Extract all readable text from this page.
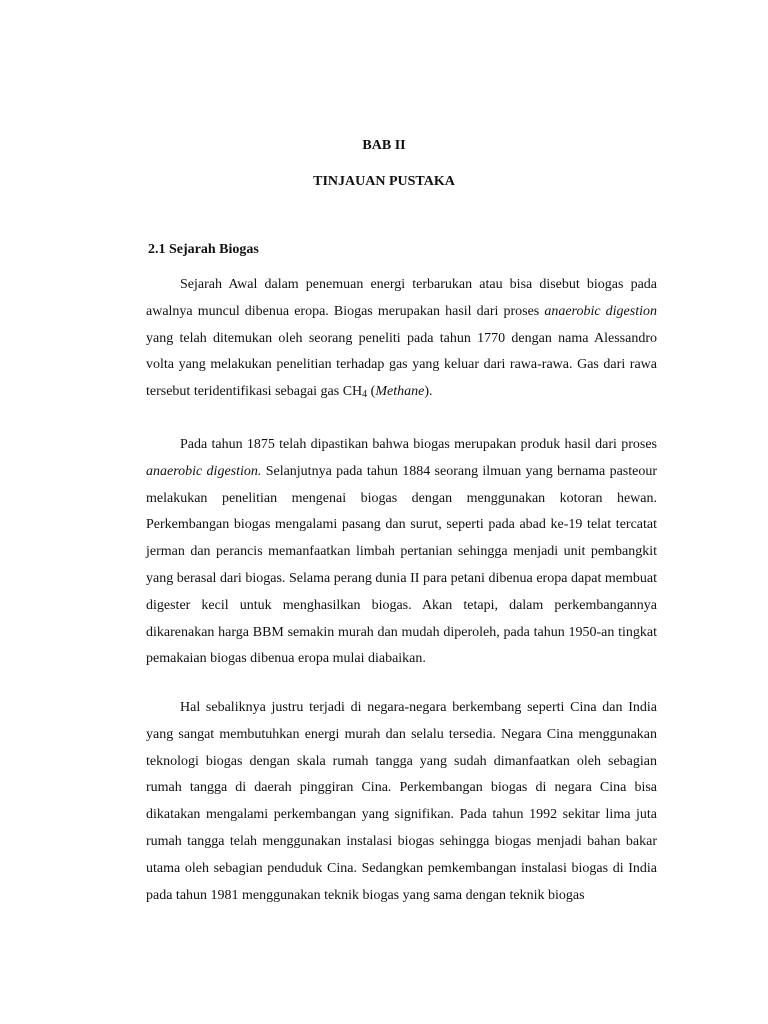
BAB II
TINJAUAN PUSTAKA
2.1 Sejarah Biogas

Sejarah Awal dalam penemuan energi terbarukan atau bisa disebut biogas pada awalnya muncul dibenua eropa. Biogas merupakan hasil dari proses anaerobic digestion yang telah ditemukan oleh seorang peneliti pada tahun 1770 dengan nama Alessandro volta yang melakukan penelitian terhadap gas yang keluar dari rawa-rawa. Gas dari rawa tersebut teridentifikasi sebagai gas $CH_4$ (Methane).

Pada tahun 1875 telah dipastikan bahwa biogas merupakan produk hasil dari proses anaerobic digestion. Selanjutnya pada tahun 1884 seorang ilmuan yang bernama pasteour melakukan penelitian mengenai biogas dengan menggunakan kotoran hewan. Perkembangan biogas mengalami pasang dan surut, seperti pada abad ke-19 telat tercatat jerman dan perancis memanfaatkan limbah pertanian sehingga menjadi unit pembangkit yang berasal dari biogas. Selama perang dunia II para petani dibenua eropa dapat membuat digester kecil untuk menghasilkan biogas. Akan tetapi, dalam perkembangannya dikarenakan harga BBM semakin murah dan mudah diperoleh, pada tahun 1950-an tingkat pemakaian biogas dibenua eropa mulai diabaikan.

Hal sebaliknya justru terjadi di negara-negara berkembang seperti Cina dan India yang sangat membutuhkan energi murah dan selalu tersedia. Negara Cina menggunakan teknologi biogas dengan skala rumah tangga yang sudah dimanfaatkan oleh sebagian rumah tangga di daerah pinggiran Cina. Perkembangan biogas di negara Cina bisa dikatakan mengalami perkembangan yang signifikan. Pada tahun 1992 sekitar lima juta rumah tangga telah menggunakan instalasi biogas sehingga biogas menjadi bahan bakar utama oleh sebagian penduduk Cina. Sedangkan pemkembangan instalasi biogas di India pada tahun 1981 menggunakan teknik biogas yang sama dengan teknik biogas
